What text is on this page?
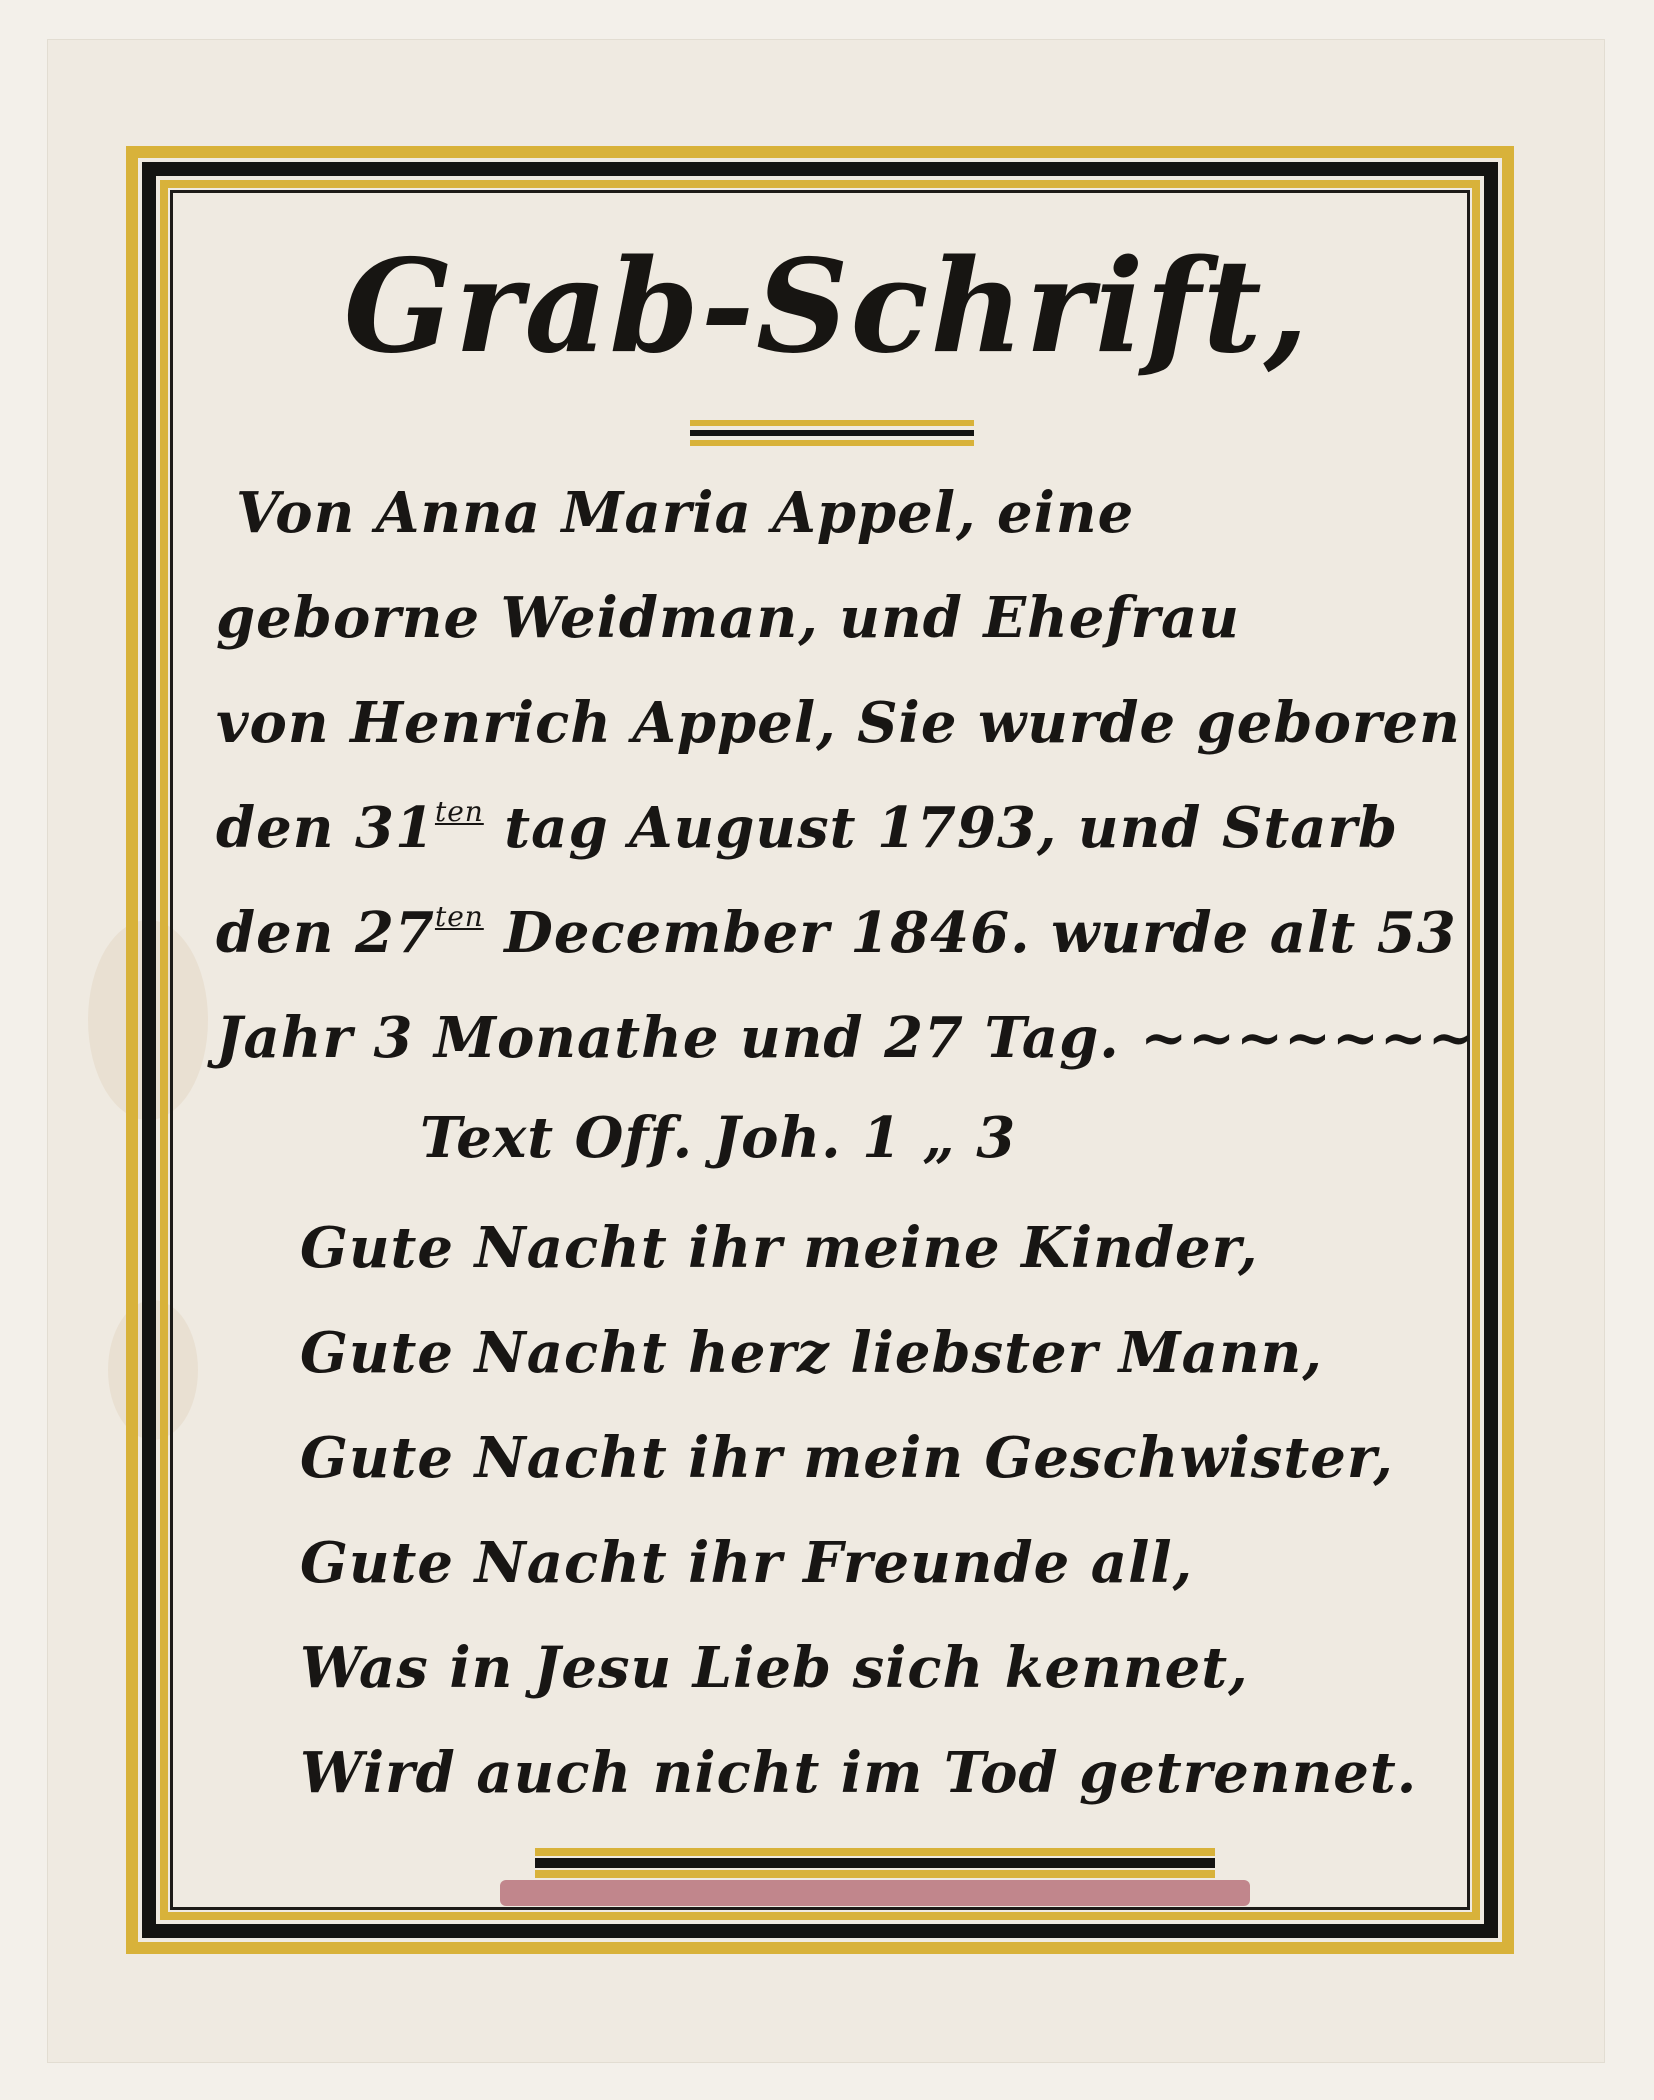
Grab-Schrift,
Von Anna Maria Appel, eine
geborne Weidman, und Ehefrau
von Henrich Appel, Sie wurde geboren
den $31^{ten}$ tag August 1793, und Starb
den $27^{ten}$ December 1846. wurde alt 53
Jahr 3 Monathe und 27 Tag. ~~~~~~~
Text Off. Joh. 1 „ 3
Gute Nacht ihr meine Kinder,
Gute Nacht herz liebster Mann,
Gute Nacht ihr mein Geschwister,
Gute Nacht ihr Freunde all,
Was in Jesu Lieb sich kennet,
Wird auch nicht im Tod getrennet.
